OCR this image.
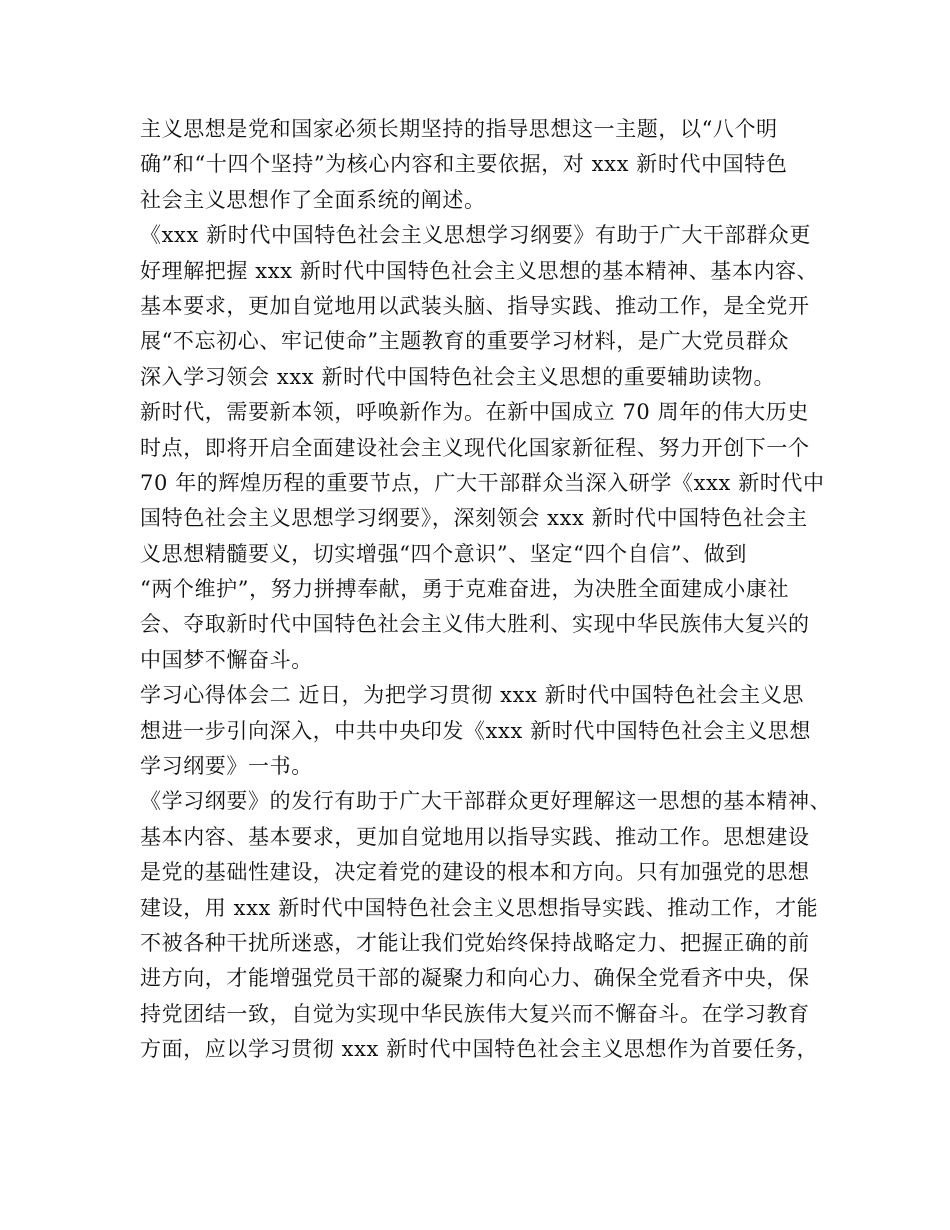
主义思想是党和国家必须长期坚持的指导思想这一主题，以“八个明
确”和“十四个坚持”为核心内容和主要依据，对 xxx 新时代中国特色
社会主义思想作了全面系统的阐述。
《xxx 新时代中国特色社会主义思想学习纲要》有助于广大干部群众更
好理解把握 xxx 新时代中国特色社会主义思想的基本精神、基本内容、
基本要求，更加自觉地用以武装头脑、指导实践、推动工作，是全党开
展“不忘初心、牢记使命”主题教育的重要学习材料，是广大党员群众
深入学习领会 xxx 新时代中国特色社会主义思想的重要辅助读物。
新时代，需要新本领，呼唤新作为。在新中国成立 70 周年的伟大历史
时点，即将开启全面建设社会主义现代化国家新征程、努力开创下一个
70 年的辉煌历程的重要节点，广大干部群众当深入研学《xxx 新时代中
国特色社会主义思想学习纲要》，深刻领会 xxx 新时代中国特色社会主
义思想精髓要义，切实增强“四个意识”、坚定“四个自信”、做到
“两个维护”，努力拼搏奉献，勇于克难奋进，为决胜全面建成小康社
会、夺取新时代中国特色社会主义伟大胜利、实现中华民族伟大复兴的
中国梦不懈奋斗。
学习心得体会二 近日，为把学习贯彻 xxx 新时代中国特色社会主义思
想进一步引向深入，中共中央印发《xxx 新时代中国特色社会主义思想
学习纲要》一书。
《学习纲要》的发行有助于广大干部群众更好理解这一思想的基本精神、
基本内容、基本要求，更加自觉地用以指导实践、推动工作。思想建设
是党的基础性建设，决定着党的建设的根本和方向。只有加强党的思想
建设，用 xxx 新时代中国特色社会主义思想指导实践、推动工作，才能
不被各种干扰所迷惑，才能让我们党始终保持战略定力、把握正确的前
进方向，才能增强党员干部的凝聚力和向心力、确保全党看齐中央，保
持党团结一致，自觉为实现中华民族伟大复兴而不懈奋斗。在学习教育
方面，应以学习贯彻 xxx 新时代中国特色社会主义思想作为首要任务，
